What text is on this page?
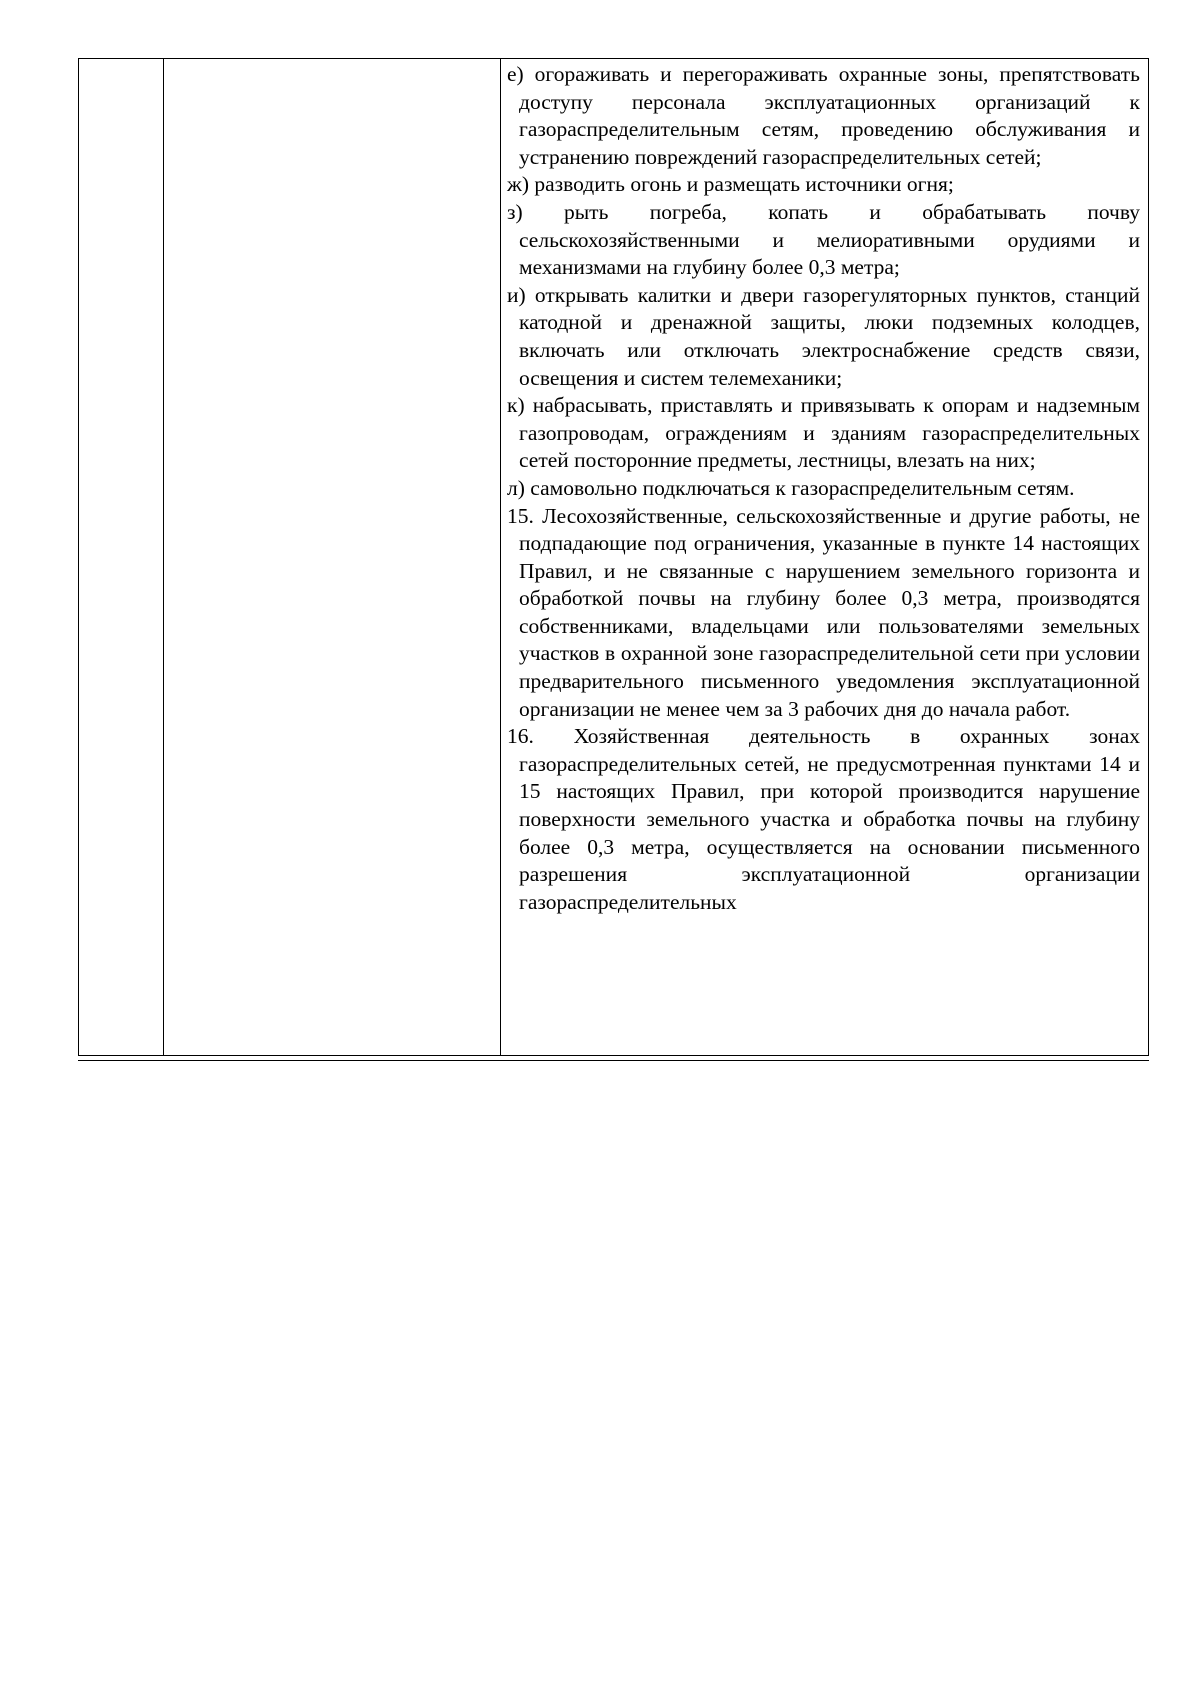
е) огораживать и перегораживать охранные зоны, препятствовать доступу персонала эксплуатационных организаций к газораспределительным сетям, проведению обслуживания и устранению повреждений газораспределительных сетей;

ж) разводить огонь и размещать источники огня;

з) рыть погреба, копать и обрабатывать почву сельскохозяйственными и мелиоративными орудиями и механизмами на глубину более 0,3 метра;

и) открывать калитки и двери газорегуляторных пунктов, станций катодной и дренажной защиты, люки подземных колодцев, включать или отключать электроснабжение средств связи, освещения и систем телемеханики;

к) набрасывать, приставлять и привязывать к опорам и надземным газопроводам, ограждениям и зданиям газораспределительных сетей посторонние предметы, лестницы, влезать на них;

л) самовольно подключаться к газораспределительным сетям.

15. Лесохозяйственные, сельскохозяйственные и другие работы, не подпадающие под ограничения, указанные в пункте 14 настоящих Правил, и не связанные с нарушением земельного горизонта и обработкой почвы на глубину более 0,3 метра, производятся собственниками, владельцами или пользователями земельных участков в охранной зоне газораспределительной сети при условии предварительного письменного уведомления эксплуатационной организации не менее чем за 3 рабочих дня до начала работ.

16. Хозяйственная деятельность в охранных зонах газораспределительных сетей, не предусмотренная пунктами 14 и 15 настоящих Правил, при которой производится нарушение поверхности земельного участка и обработка почвы на глубину более 0,3 метра, осуществляется на основании письменного разрешения эксплуатационной организации газораспределительных
